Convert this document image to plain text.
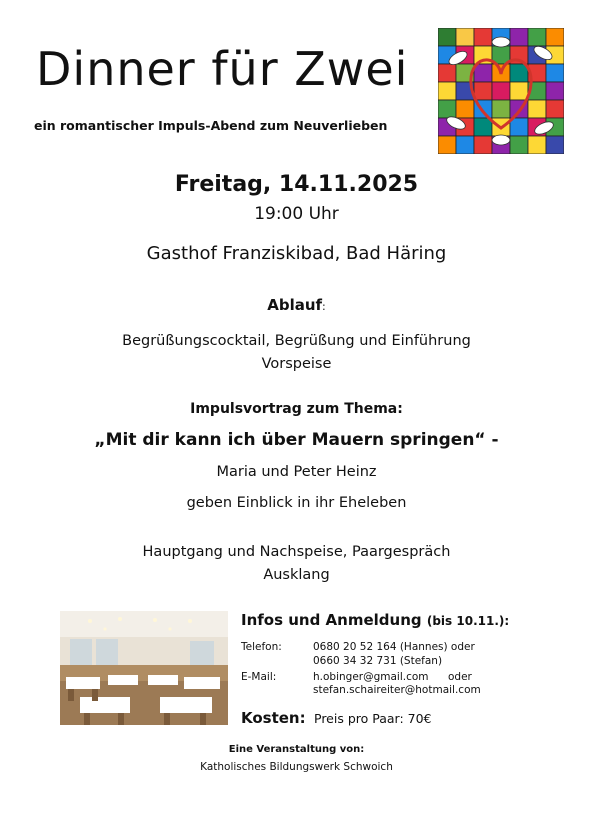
Dinner für Zwei
ein romantischer Impuls-Abend zum Neuverlieben
Freitag, 14.11.2025
19:00 Uhr
Gasthof Franziskibad, Bad Häring
Ablauf:
Begrüßungscocktail, Begrüßung und Einführung
Vorspeise
Impulsvortrag zum Thema:
„Mit dir kann ich über Mauern springen“ -
Maria und Peter Heinz
geben Einblick in ihr Eheleben
Hauptgang und Nachspeise, Paargespräch
Ausklang
Infos und Anmeldung (bis 10.11.):
Telefon:	0680 20 52 164 (Hannes) oder
0660 34 32 731 (Stefan)
E-Mail:	h.obinger@gmail.com oder
stefan.schaireiter@hotmail.com
Kosten: Preis pro Paar: 70€
Eine Veranstaltung von:
Katholisches Bildungswerk Schwoich
